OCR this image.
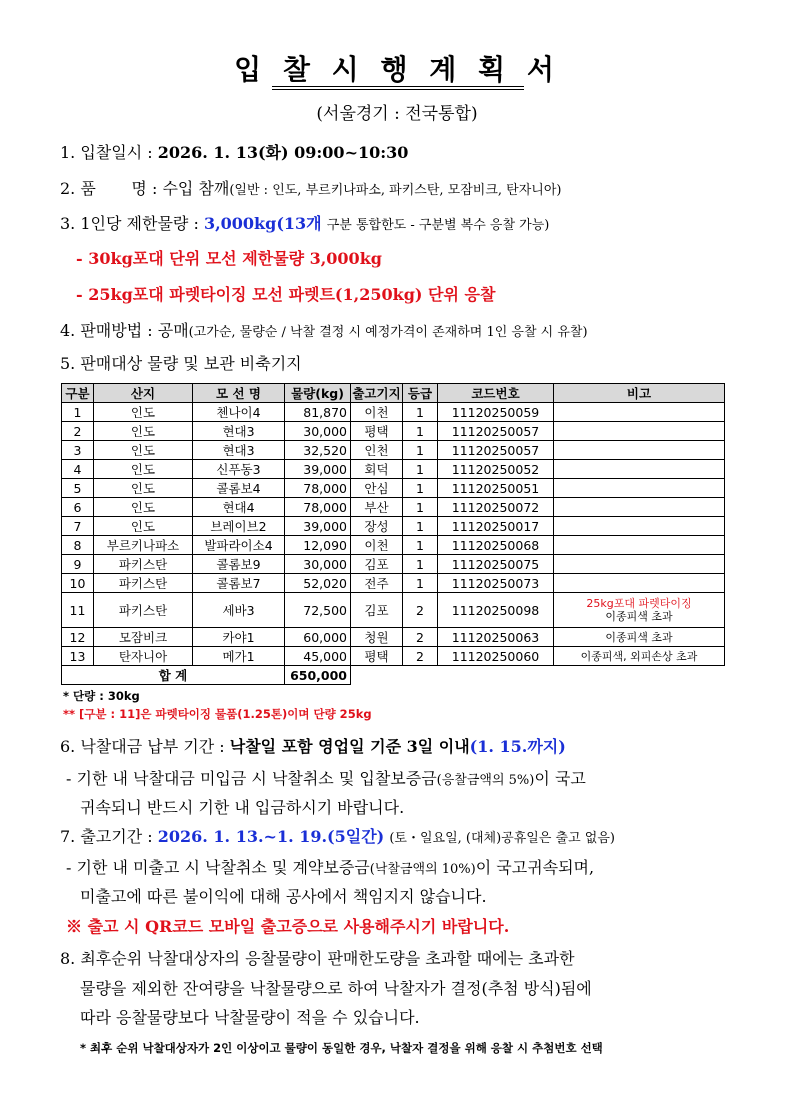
입 찰 시 행 계 획 서
(서울경기 : 전국통합)
1. 입찰일시 : 2026. 1. 13(화) 09:00~10:30
2. 품       명 : 수입 참깨(일반 : 인도, 부르키나파소, 파키스탄, 모잠비크, 탄자니아)
3. 1인당 제한물량 : 3,000kg(13개 구분 통합한도 - 구분별 복수 응찰 가능)
- 30kg포대 단위 모선 제한물량 3,000kg
- 25kg포대 파렛타이징 모선 파렛트(1,250kg) 단위 응찰
4. 판매방법 : 공매(고가순, 물량순 / 낙찰 결정 시 예정가격이 존재하며 1인 응찰 시 유찰)
5. 판매대상 물량 및 보관 비축기지
구분	산지	모 선 명	물량(kg)	출고기지	등급	코드번호	비고
1	인도	첸나이4	81,870	이천	1	11120250059	
2	인도	현대3	30,000	평택	1	11120250057	
3	인도	현대3	32,520	인천	1	11120250057	
4	인도	신푸동3	39,000	회덕	1	11120250052	
5	인도	콜롬보4	78,000	안심	1	11120250051	
6	인도	현대4	78,000	부산	1	11120250072	
7	인도	브레이브2	39,000	장성	1	11120250017	
8	부르키나파소	발파라이소4	12,090	이천	1	11120250068	
9	파키스탄	콜롬보9	30,000	김포	1	11120250075	
10	파키스탄	콜롬보7	52,020	전주	1	11120250073	
11	파키스탄	세바3	72,500	김포	2	11120250098	25kg포대 파렛타이징
이종피색 초과

12	모잠비크	카야1	60,000	청원	2	11120250063	이종피색 초과

13	탄자니아	메가1	45,000	평택	2	11120250060	이종피색, 외피손상 초과

합 계			650,000				
* 단량 : 30kg
** [구분 : 11]은 파렛타이징 물품(1.25톤)이며 단량 25kg
6. 낙찰대금 납부 기간 : 낙찰일 포함 영업일 기준 3일 이내(1. 15.까지)
- 기한 내 낙찰대금 미입금 시 낙찰취소 및 입찰보증금(응찰금액의 5%)이 국고
귀속되니 반드시 기한 내 입금하시기 바랍니다.
7. 출고기간 : 2026. 1. 13.~1. 19.(5일간) (토・일요일, (대체)공휴일은 출고 없음)
- 기한 내 미출고 시 낙찰취소 및 계약보증금(낙찰금액의 10%)이 국고귀속되며,
미출고에 따른 불이익에 대해 공사에서 책임지지 않습니다.
※ 출고 시 QR코드 모바일 출고증으로 사용해주시기 바랍니다.
8. 최후순위 낙찰대상자의 응찰물량이 판매한도량을 초과할 때에는 초과한
물량을 제외한 잔여량을 낙찰물량으로 하여 낙찰자가 결정(추첨 방식)됨에
따라 응찰물량보다 낙찰물량이 적을 수 있습니다.
* 최후 순위 낙찰대상자가 2인 이상이고 물량이 동일한 경우, 낙찰자 결정을 위해 응찰 시 추첨번호 선택
